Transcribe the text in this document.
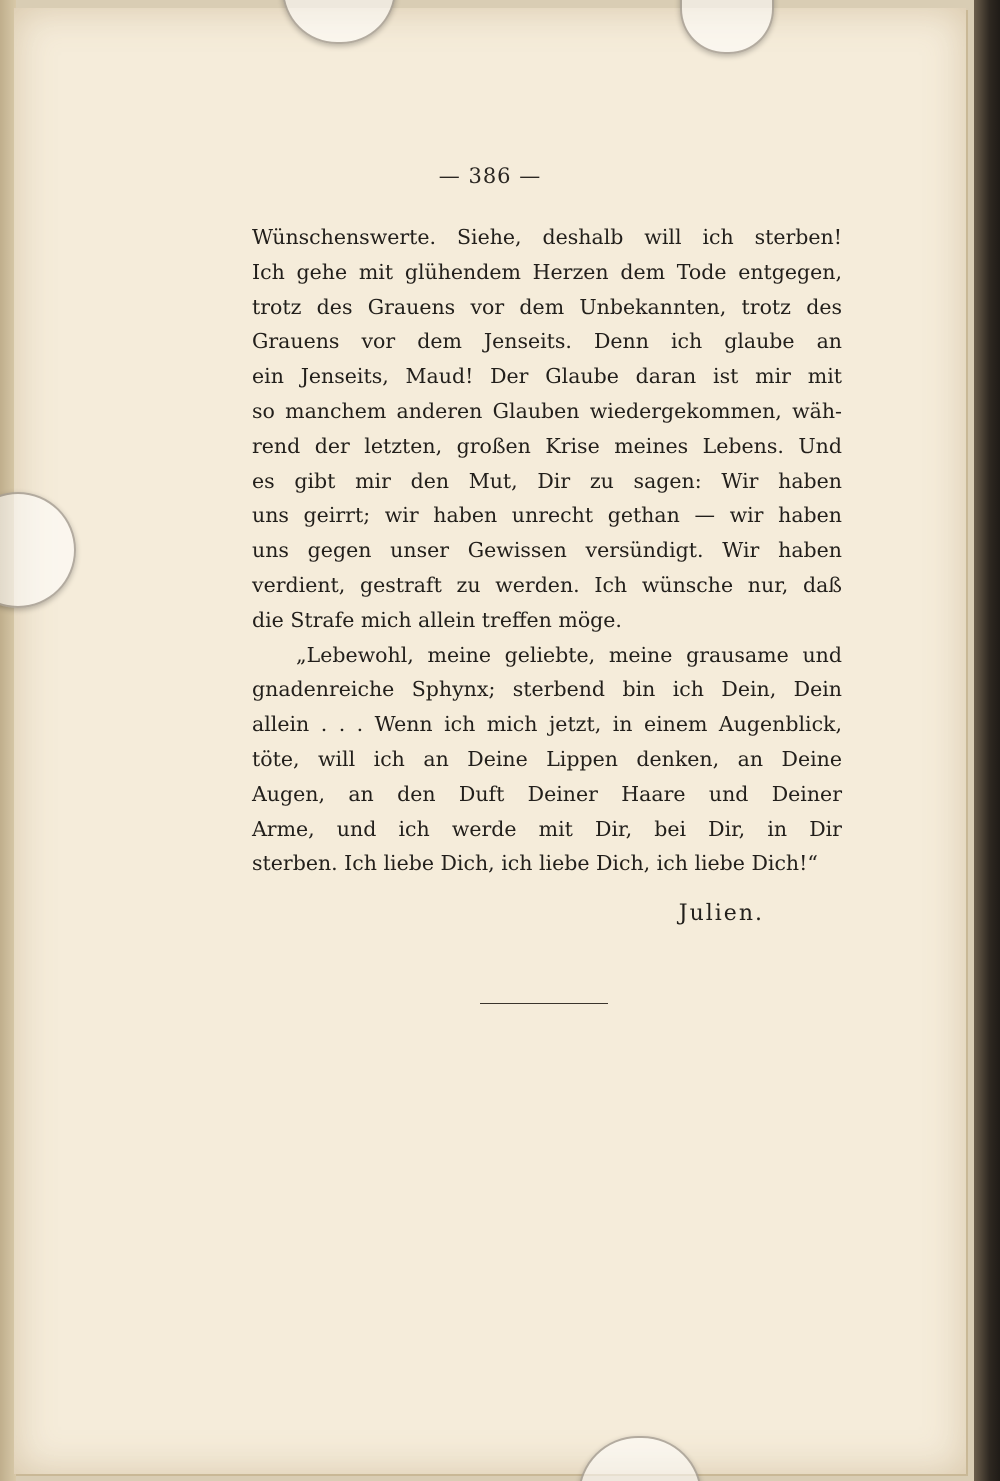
— 386 —
Wünschenswerte. Siehe, deshalb will ich sterben!
Ich gehe mit glühendem Herzen dem Tode entgegen,
trotz des Grauens vor dem Unbekannten, trotz des
Grauens vor dem Jenseits. Denn ich glaube an
ein Jenseits, Maud! Der Glaube daran ist mir mit
so manchem anderen Glauben wiedergekommen, wäh-
rend der letzten, großen Krise meines Lebens. Und
es gibt mir den Mut, Dir zu sagen: Wir haben
uns geirrt; wir haben unrecht gethan — wir haben
uns gegen unser Gewissen versündigt. Wir haben
verdient, gestraft zu werden. Ich wünsche nur, daß
die Strafe mich allein treffen möge.
„Lebewohl, meine geliebte, meine grausame und
gnadenreiche Sphynx; sterbend bin ich Dein, Dein
allein . . . Wenn ich mich jetzt, in einem Augenblick,
töte, will ich an Deine Lippen denken, an Deine
Augen, an den Duft Deiner Haare und Deiner
Arme, und ich werde mit Dir, bei Dir, in Dir
sterben. Ich liebe Dich, ich liebe Dich, ich liebe Dich!“
Julien.
